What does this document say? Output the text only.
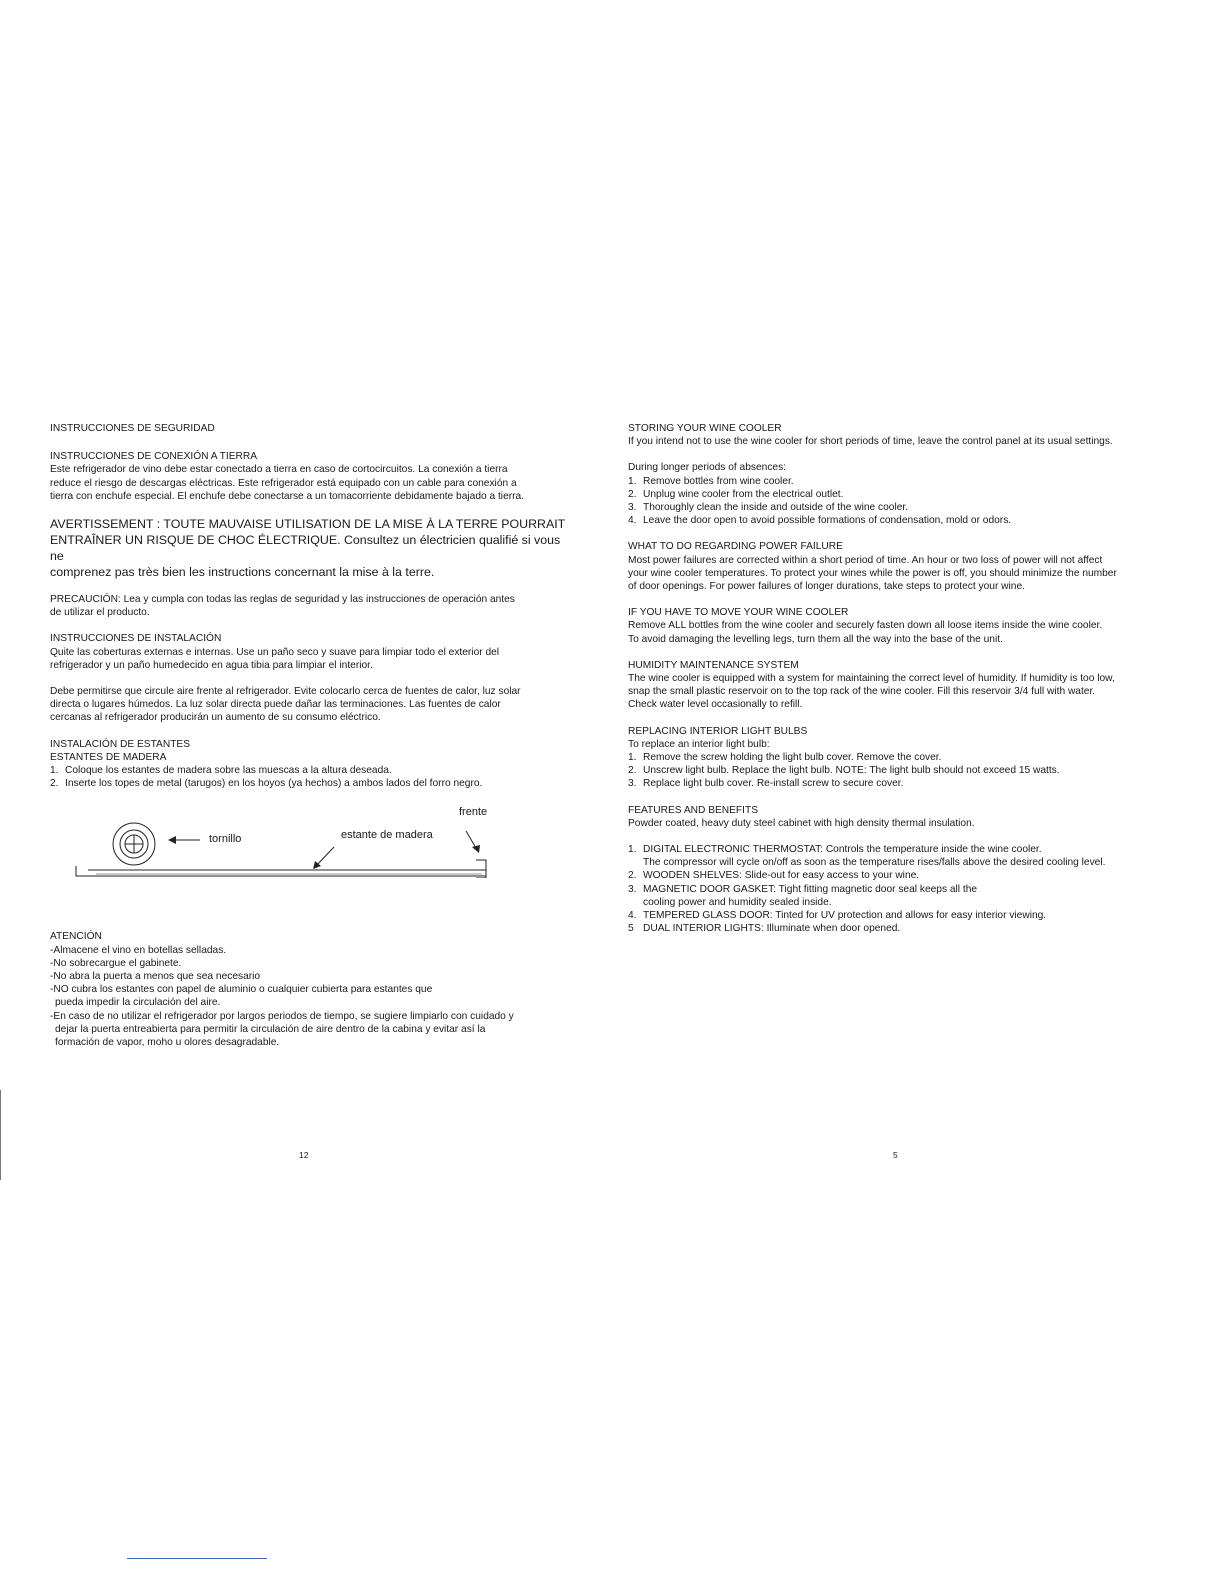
INSTRUCCIONES DE SEGURIDAD

INSTRUCCIONES DE CONEXIÓN A TIERRA

Este refrigerador de vino debe estar conectado a tierra en caso de cortocircuitos. La conexión a tierra

reduce el riesgo de descargas eléctricas. Este refrigerador está equipado con un cable para conexión a

tierra con enchufe especial. El enchufe debe conectarse a un tomacorriente debidamente bajado a tierra.

AVERTISSEMENT : TOUTE MAUVAISE UTILISATION DE LA MISE À LA TERRE POURRAIT

ENTRAÎNER UN RISQUE DE CHOC ÉLECTRIQUE. Consultez un électricien qualifié si vous ne

comprenez pas très bien les instructions concernant la mise à la terre.

PRECAUCIÓN: Lea y cumpla con todas las reglas de seguridad y las instrucciones de operación antes

de utilizar el producto.

INSTRUCCIONES DE INSTALACIÓN

Quite las coberturas externas e internas. Use un paño seco y suave para limpiar todo el exterior del

refrigerador y un paño humedecido en agua tibia para limpiar el interior.

Debe permitirse que circule aire frente al refrigerador. Evite colocarlo cerca de fuentes de calor, luz solar

directa o lugares húmedos. La luz solar directa puede dañar las terminaciones. Las fuentes de calor

cercanas al refrigerador producirán un aumento de su consumo eléctrico.

INSTALACIÓN DE ESTANTES

ESTANTES DE MADERA

1. Coloque los estantes de madera sobre las muescas a la altura deseada.
2. Inserte los topes de metal (tarugos) en los hoyos (ya hechos) a ambos lados del forro negro.
frente
tornillo	estante de madera

ATENCIÓN

-Almacene el vino en botellas selladas.

-No sobrecargue el gabinete.

-No abra la puerta a menos que sea necesario

-NO cubra los estantes con papel de aluminio o cualquier cubierta para estantes que

pueda impedir la circulación del aire.

-En caso de no utilizar el refrigerador por largos periodos de tiempo, se sugiere limpiarlo con cuidado y

dejar la puerta entreabierta para permitir la circulación de aire dentro de la cabina y evitar así la

formación de vapor, moho u olores desagradable.

STORING YOUR WINE COOLER

If you intend not to use the wine cooler for short periods of time, leave the control panel at its usual settings.

During longer periods of absences:

1. Remove bottles from wine cooler.
2. Unplug wine cooler from the electrical outlet.
3. Thoroughly clean the inside and outside of the wine cooler.
4. Leave the door open to avoid possible formations of condensation, mold or odors.

WHAT TO DO REGARDING POWER FAILURE

Most power failures are corrected within a short period of time. An hour or two loss of power will not affect

your wine cooler temperatures. To protect your wines while the power is off, you should minimize the number

of door openings. For power failures of longer durations, take steps to protect your wine.

IF YOU HAVE TO MOVE YOUR WINE COOLER

Remove ALL bottles from the wine cooler and securely fasten down all loose items inside the wine cooler.

To avoid damaging the levelling legs, turn them all the way into the base of the unit.

HUMIDITY MAINTENANCE SYSTEM

The wine cooler is equipped with a system for maintaining the correct level of humidity. If humidity is too low,

snap the small plastic reservoir on to the top rack of the wine cooler. Fill this reservoir 3/4 full with water.

Check water level occasionally to refill.

REPLACING INTERIOR LIGHT BULBS

To replace an interior light bulb:

1. Remove the screw holding the light bulb cover. Remove the cover.
2. Unscrew light bulb. Replace the light bulb. NOTE: The light bulb should not exceed 15 watts.
3. Replace light bulb cover. Re-install screw to secure cover.

FEATURES AND BENEFITS

Powder coated, heavy duty steel cabinet with high density thermal insulation.

1. DIGITAL ELECTRONIC THERMOSTAT: Controls the temperature inside the wine cooler.

The compressor will cycle on/off as soon as the temperature rises/falls above the desired cooling level.

2. WOODEN SHELVES: Slide-out for easy access to your wine.
3. MAGNETIC DOOR GASKET: Tight fitting magnetic door seal keeps all the

cooling power and humidity sealed inside.

4. TEMPERED GLASS DOOR: Tinted for UV protection and allows for easy interior viewing.
5 DUAL INTERIOR LIGHTS: Illuminate when door opened.
12	5
